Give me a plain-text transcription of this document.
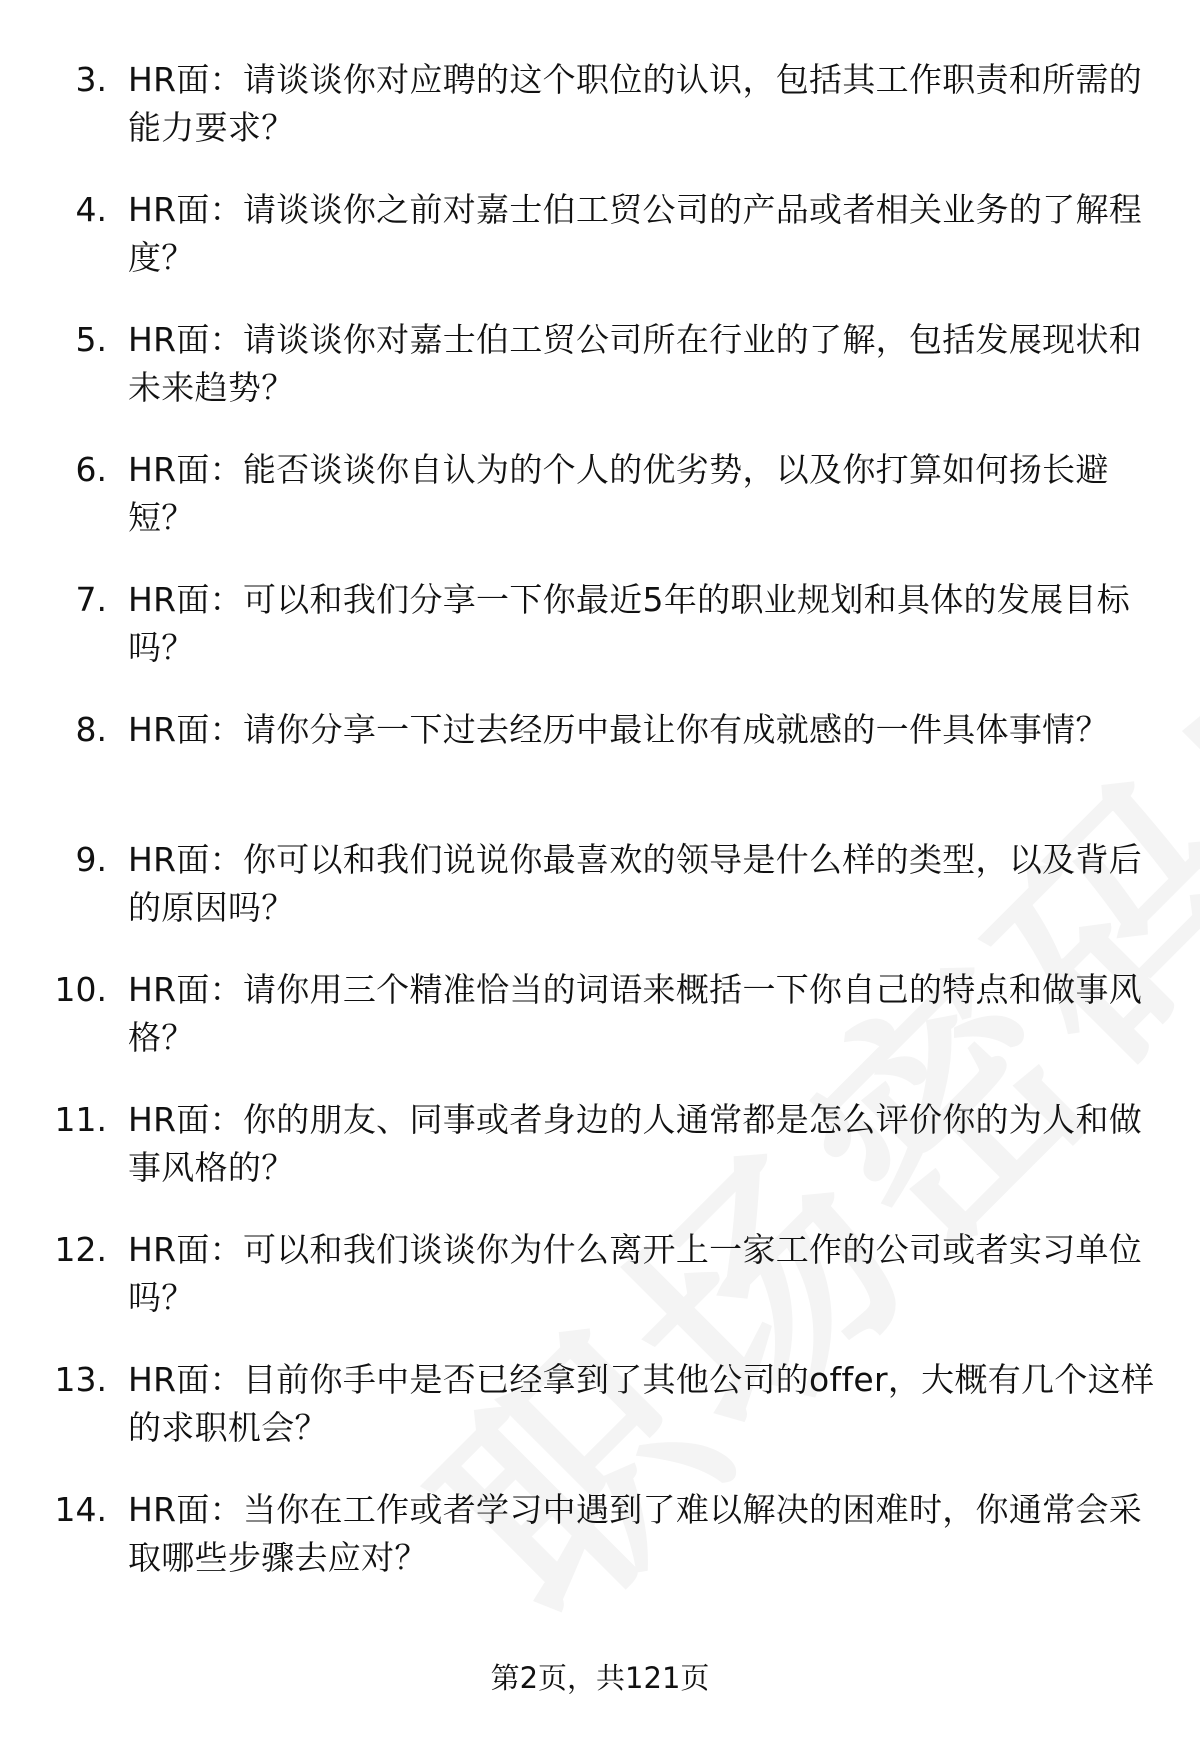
3. HR面：请谈谈你对应聘的这个职位的认识，包括其工作职责和所需的能力要求？
4. HR面：请谈谈你之前对嘉士伯工贸公司的产品或者相关业务的了解程度？
5. HR面：请谈谈你对嘉士伯工贸公司所在行业的了解，包括发展现状和未来趋势？
6. HR面：能否谈谈你自认为的个人的优劣势，以及你打算如何扬长避短？
7. HR面：可以和我们分享一下你最近5年的职业规划和具体的发展目标吗？
8. HR面：请你分享一下过去经历中最让你有成就感的一件具体事情？
9. HR面：你可以和我们说说你最喜欢的领导是什么样的类型，以及背后的原因吗？
10. HR面：请你用三个精准恰当的词语来概括一下你自己的特点和做事风格？
11. HR面：你的朋友、同事或者身边的人通常都是怎么评价你的为人和做事风格的？
12. HR面：可以和我们谈谈你为什么离开上一家工作的公司或者实习单位吗？
13. HR面：目前你手中是否已经拿到了其他公司的offer，大概有几个这样的求职机会？
14. HR面：当你在工作或者学习中遇到了难以解决的困难时，你通常会采取哪些步骤去应对？
第2页，共121页
